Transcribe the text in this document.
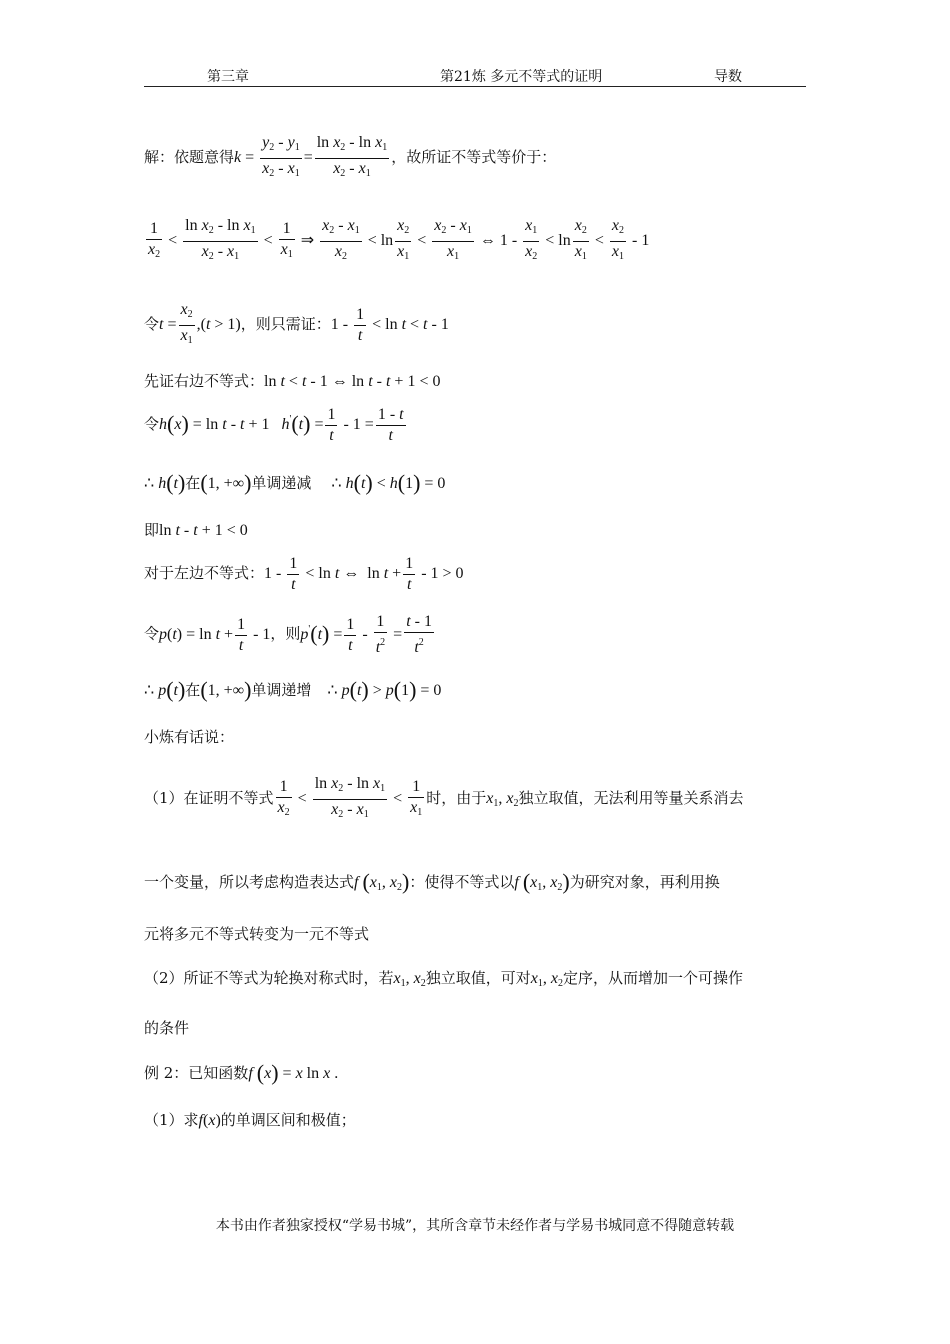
第三章	第21炼 多元不等式的证明	导数
解：依题意得$k = \frac{y_2 - y_1}{x_2 - x_1} = \frac{\ln x_2 - \ln x_1}{x_2 - x_1}$ ，故所证不等式等价于：
$\frac{1}{x_2} < \frac{\ln x_2 - \ln x_1}{x_2 - x_1} < \frac{1}{x_1}$ ⇒ $\frac{x_2 - x_1}{x_2} < \ln \frac{x_2}{x_1} < \frac{x_2 - x_1}{x_1}$ ⇔ $1 - \frac{x_1}{x_2} < \ln \frac{x_2}{x_1} < \frac{x_2}{x_1} - 1$
令$t = \frac{x_2}{x_1} ,(t > 1)$，则只需证：$1 - \frac{1}{t} < \ln t < t - 1$
先证右边不等式：ln t < t - 1 ⇔ ln t - t + 1 < 0
令h(x) = ln t - t + 1   $h'(t) = \frac{1}{t} - 1 = \frac{1 - t}{t}$
∴ h(t)在(1, +∞)单调递减     ∴ h(t) < h(1) = 0
即ln t - t + 1 < 0
对于左边不等式：$1 - \frac{1}{t} < \ln t$ ⇔  $\ln t + \frac{1}{t} - 1 > 0$
令$p(t) = \ln t + \frac{1}{t} - 1$，则$p'(t) = \frac{1}{t} - \frac{1}{t^2} = \frac{t - 1}{t^2}$
∴ p(t)在(1, +∞)单调递增    ∴ p(t) > p(1) = 0
小炼有话说：
（1）在证明不等式 $\frac{1}{x_2} < \frac{\ln x_2 - \ln x_1}{x_2 - x_1} < \frac{1}{x_1}$ 时，由于$x_1$, $x_2$独立取值，无法利用等量关系消去
一个变量，所以考虑构造表达式f ($x_1$, $x_2$)：使得不等式以f ($x_1$, $x_2$)为研究对象，再利用换
元将多元不等式转变为一元不等式
（2）所证不等式为轮换对称式时，若$x_1$, $x_2$独立取值，可对$x_1$, $x_2$定序，从而增加一个可操作
的条件
例 2：已知函数f (x) = x ln x .
（1）求f(x)的单调区间和极值；
本书由作者独家授权“学易书城”，其所含章节未经作者与学易书城同意不得随意转载
